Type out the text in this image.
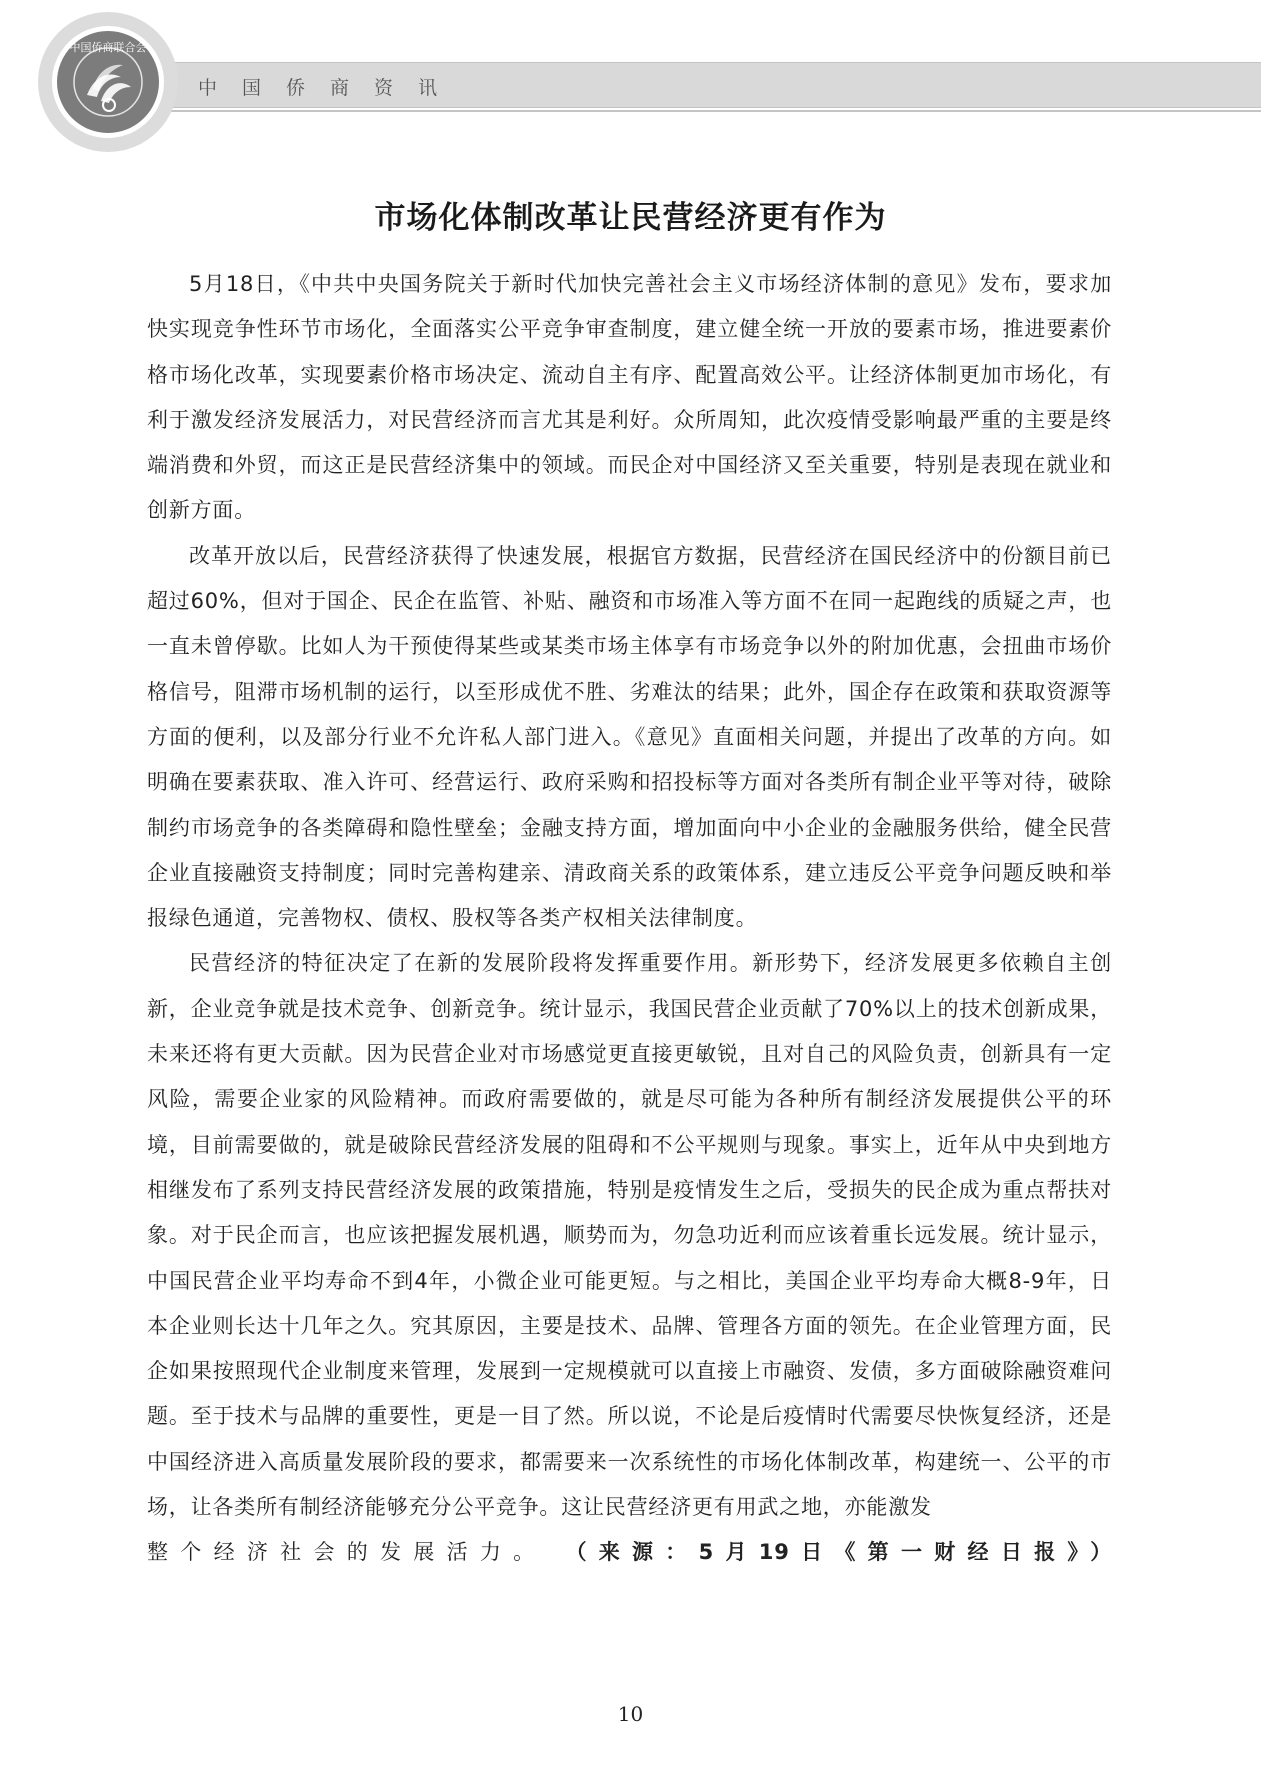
中国侨商资讯
中国侨商联合会
市场化体制改革让民营经济更有作为

5月18日，《中共中央国务院关于新时代加快完善社会主义市场经济体制的意见》发布，要求加快实现竞争性环节市场化，全面落实公平竞争审查制度，建立健全统一开放的要素市场，推进要素价格市场化改革，实现要素价格市场决定、流动自主有序、配置高效公平。让经济体制更加市场化，有利于激发经济发展活力，对民营经济而言尤其是利好。众所周知，此次疫情受影响最严重的主要是终端消费和外贸，而这正是民营经济集中的领域。而民企对中国经济又至关重要，特别是表现在就业和创新方面。

改革开放以后，民营经济获得了快速发展，根据官方数据，民营经济在国民经济中的份额目前已超过60%，但对于国企、民企在监管、补贴、融资和市场准入等方面不在同一起跑线的质疑之声，也一直未曾停歇。比如人为干预使得某些或某类市场主体享有市场竞争以外的附加优惠，会扭曲市场价格信号，阻滞市场机制的运行，以至形成优不胜、劣难汰的结果；此外，国企存在政策和获取资源等方面的便利，以及部分行业不允许私人部门进入。《意见》直面相关问题，并提出了改革的方向。如明确在要素获取、准入许可、经营运行、政府采购和招投标等方面对各类所有制企业平等对待，破除制约市场竞争的各类障碍和隐性壁垒；金融支持方面，增加面向中小企业的金融服务供给，健全民营企业直接融资支持制度；同时完善构建亲、清政商关系的政策体系，建立违反公平竞争问题反映和举报绿色通道，完善物权、债权、股权等各类产权相关法律制度。

民营经济的特征决定了在新的发展阶段将发挥重要作用。新形势下，经济发展更多依赖自主创新，企业竞争就是技术竞争、创新竞争。统计显示，我国民营企业贡献了70%以上的技术创新成果，未来还将有更大贡献。因为民营企业对市场感觉更直接更敏锐，且对自己的风险负责，创新具有一定风险，需要企业家的风险精神。而政府需要做的，就是尽可能为各种所有制经济发展提供公平的环境，目前需要做的，就是破除民营经济发展的阻碍和不公平规则与现象。事实上，近年从中央到地方相继发布了系列支持民营经济发展的政策措施，特别是疫情发生之后，受损失的民企成为重点帮扶对象。对于民企而言，也应该把握发展机遇，顺势而为，勿急功近利而应该着重长远发展。统计显示，中国民营企业平均寿命不到4年，小微企业可能更短。与之相比，美国企业平均寿命大概8-9年，日本企业则长达十几年之久。究其原因，主要是技术、品牌、管理各方面的领先。在企业管理方面，民企如果按照现代企业制度来管理，发展到一定规模就可以直接上市融资、发债，多方面破除融资难问题。至于技术与品牌的重要性，更是一目了然。所以说，不论是后疫情时代需要尽快恢复经济，还是中国经济进入高质量发展阶段的要求，都需要来一次系统性的市场化体制改革，构建统一、公平的市场，让各类所有制经济能够充分公平竞争。这让民营经济更有用武之地，亦能激发

整个经济社会的发展活力。 （来源：5月19日《第一财经日报》）
10
